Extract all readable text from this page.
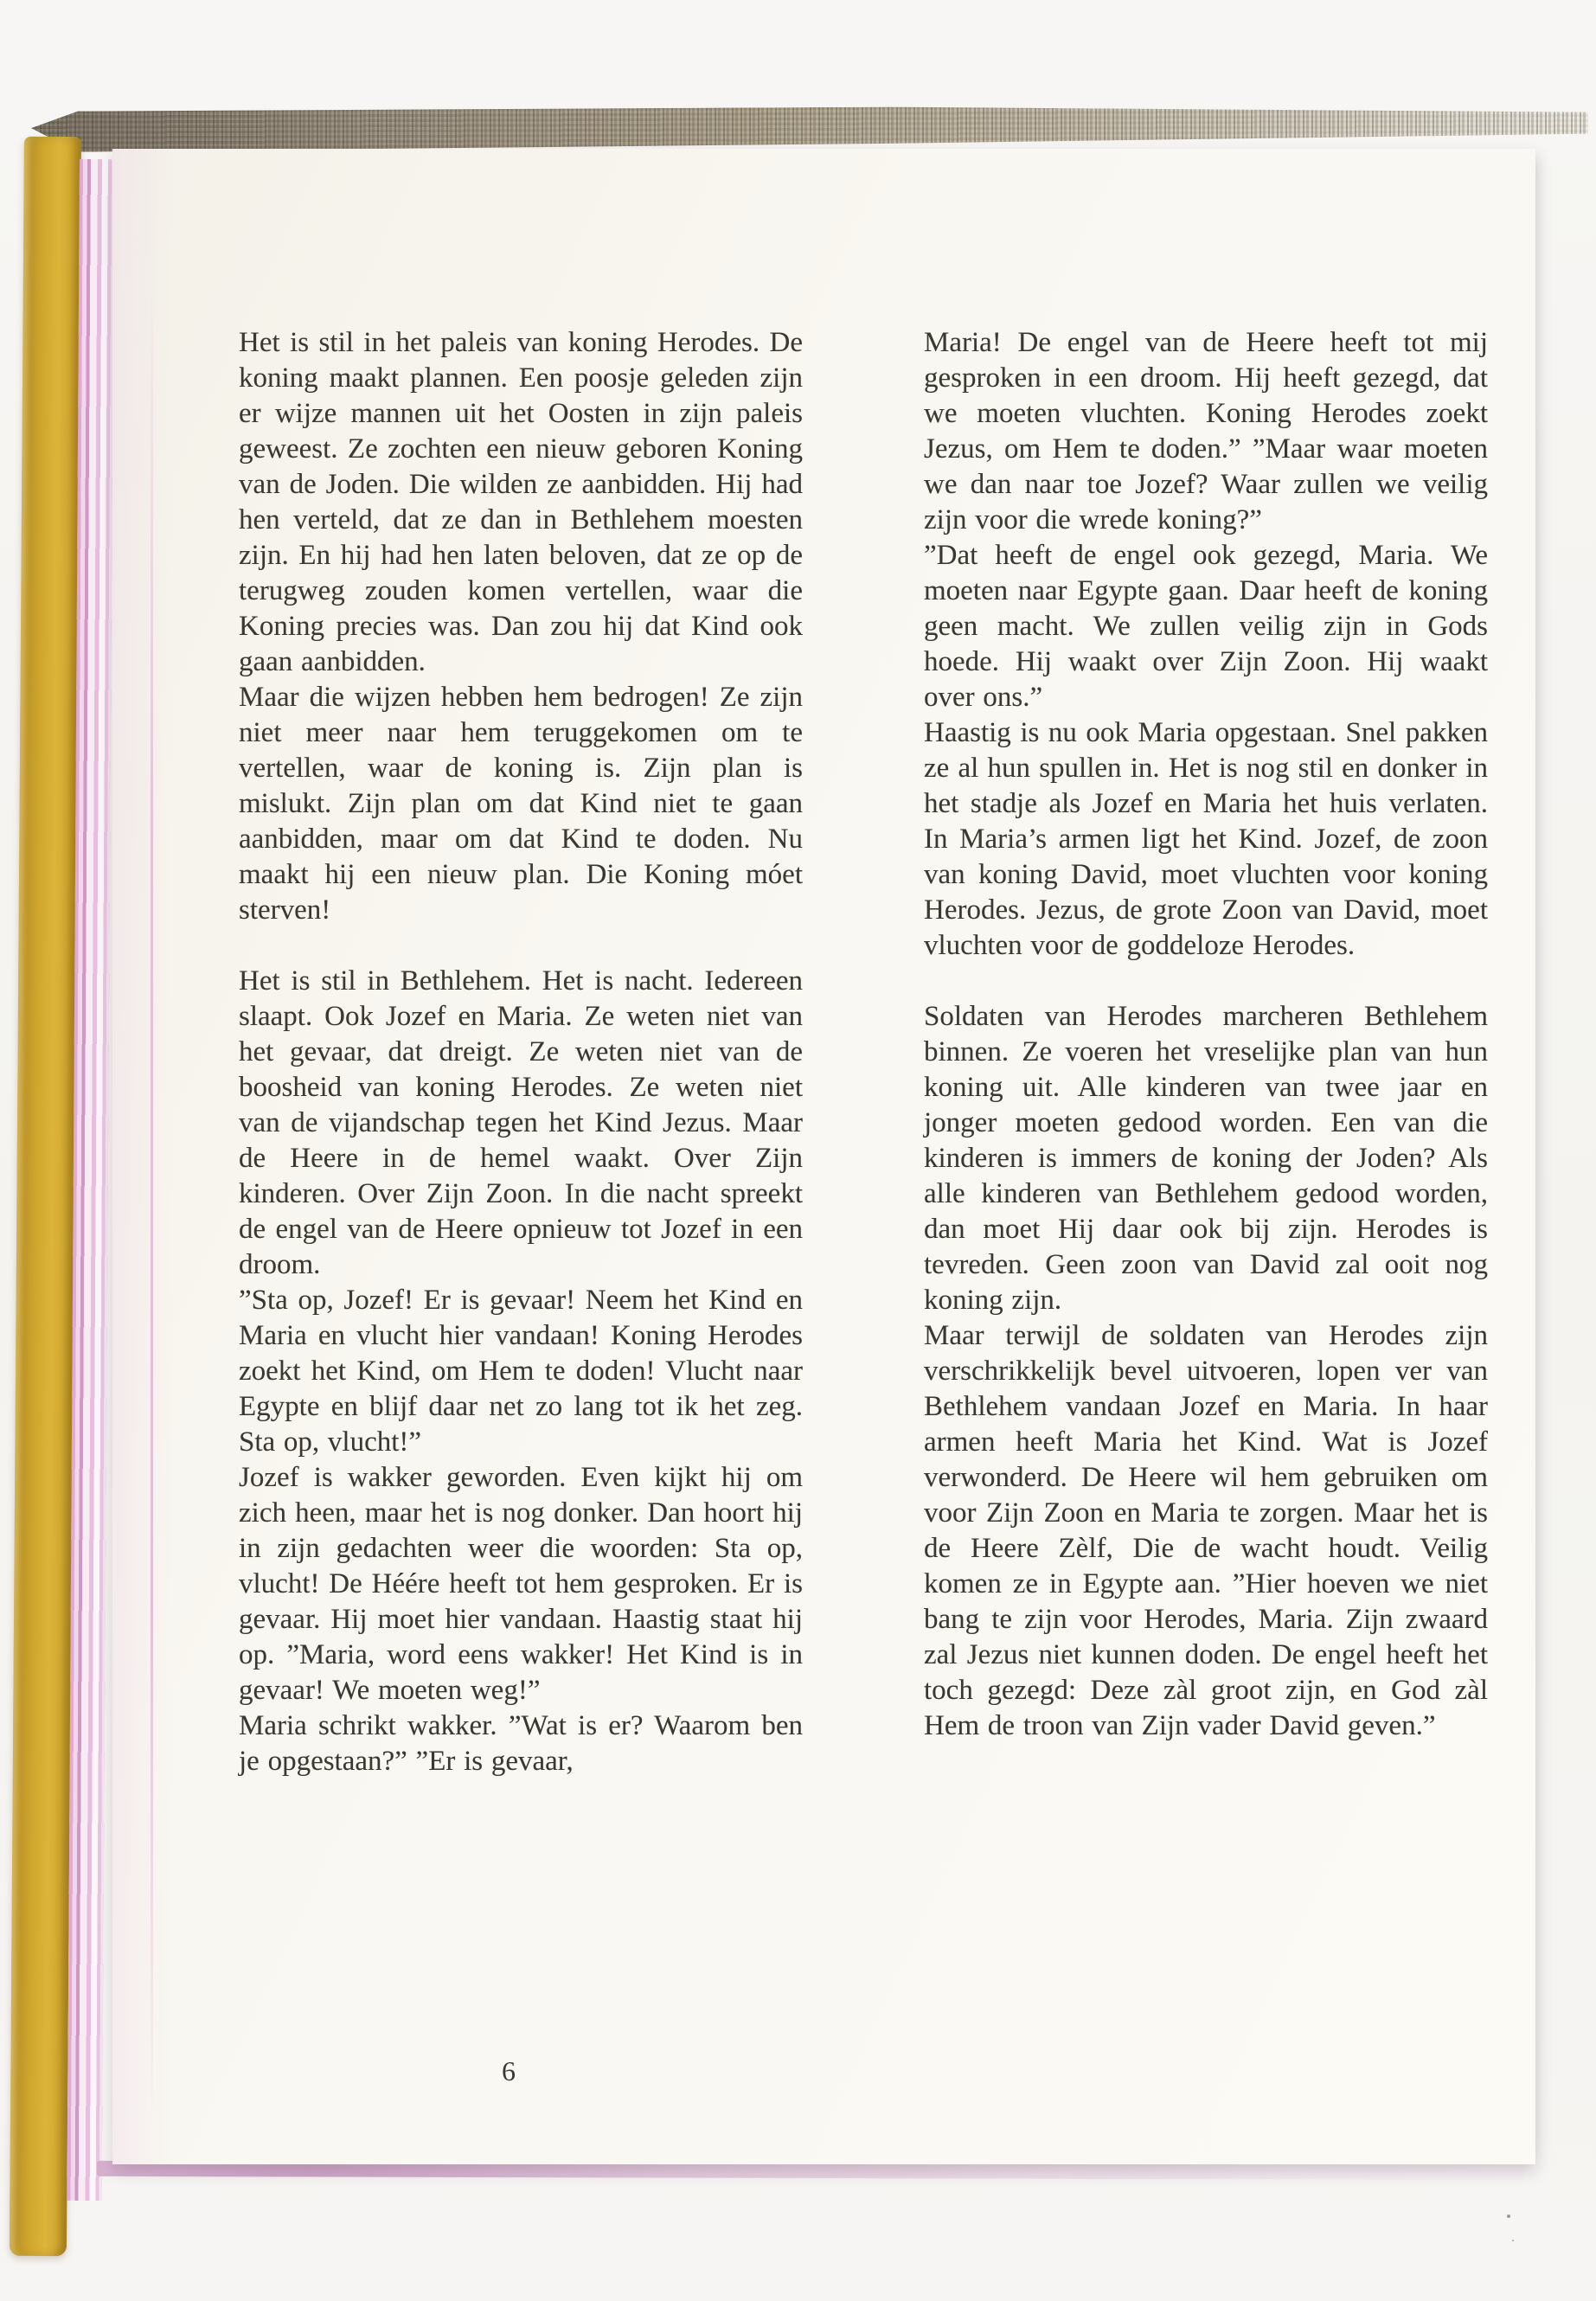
Het is stil in het paleis van koning Herodes. De koning maakt plannen. Een poosje geleden zijn er wijze mannen uit het Oosten in zijn paleis geweest. Ze zochten een nieuw geboren Koning van de Joden. Die wilden ze aanbidden. Hij had hen verteld, dat ze dan in Bethlehem moesten zijn. En hij had hen laten beloven, dat ze op de terugweg zouden komen vertellen, waar die Koning precies was. Dan zou hij dat Kind ook gaan aanbidden.

Maar die wijzen hebben hem bedrogen! Ze zijn niet meer naar hem teruggekomen om te vertellen, waar de koning is. Zijn plan is mislukt. Zijn plan om dat Kind niet te gaan aanbidden, maar om dat Kind te doden. Nu maakt hij een nieuw plan. Die Koning móet sterven!

Het is stil in Bethlehem. Het is nacht. Iedereen slaapt. Ook Jozef en Maria. Ze weten niet van het gevaar, dat dreigt. Ze weten niet van de boosheid van koning Herodes. Ze weten niet van de vijandschap tegen het Kind Jezus. Maar de Heere in de hemel waakt. Over Zijn kinderen. Over Zijn Zoon. In die nacht spreekt de engel van de Heere opnieuw tot Jozef in een droom.

”Sta op, Jozef! Er is gevaar! Neem het Kind en Maria en vlucht hier vandaan! Koning Herodes zoekt het Kind, om Hem te doden! Vlucht naar Egypte en blijf daar net zo lang tot ik het zeg. Sta op, vlucht!”

Jozef is wakker geworden. Even kijkt hij om zich heen, maar het is nog donker. Dan hoort hij in zijn gedachten weer die woorden: Sta op, vlucht! De Héére heeft tot hem gesproken. Er is gevaar. Hij moet hier vandaan. Haastig staat hij op. ”Maria, word eens wakker! Het Kind is in gevaar! We moeten weg!”

Maria schrikt wakker. ”Wat is er? Waarom ben je opgestaan?” ”Er is gevaar,

Maria! De engel van de Heere heeft tot mij gesproken in een droom. Hij heeft gezegd, dat we moeten vluchten. Koning Herodes zoekt Jezus, om Hem te doden.” ”Maar waar moeten we dan naar toe Jozef? Waar zullen we veilig zijn voor die wrede koning?”

”Dat heeft de engel ook gezegd, Maria. We moeten naar Egypte gaan. Daar heeft de koning geen macht. We zullen veilig zijn in Gods hoede. Hij waakt over Zijn Zoon. Hij waakt over ons.”

Haastig is nu ook Maria opgestaan. Snel pakken ze al hun spullen in. Het is nog stil en donker in het stadje als Jozef en Maria het huis verlaten. In Maria’s armen ligt het Kind. Jozef, de zoon van koning David, moet vluchten voor koning Herodes. Jezus, de grote Zoon van David, moet vluchten voor de goddeloze Herodes.

Soldaten van Herodes marcheren Bethlehem binnen. Ze voeren het vreselijke plan van hun koning uit. Alle kinderen van twee jaar en jonger moeten gedood worden. Een van die kinderen is immers de koning der Joden? Als alle kinderen van Bethlehem gedood worden, dan moet Hij daar ook bij zijn. Herodes is tevreden. Geen zoon van David zal ooit nog koning zijn.

Maar terwijl de soldaten van Herodes zijn verschrikkelijk bevel uitvoeren, lopen ver van Bethlehem vandaan Jozef en Maria. In haar armen heeft Maria het Kind. Wat is Jozef verwonderd. De Heere wil hem gebruiken om voor Zijn Zoon en Maria te zorgen. Maar het is de Heere Zèlf, Die de wacht houdt. Veilig komen ze in Egypte aan. ”Hier hoeven we niet bang te zijn voor Herodes, Maria. Zijn zwaard zal Jezus niet kunnen doden. De engel heeft het toch gezegd: Deze zàl groot zijn, en God zàl Hem de troon van Zijn vader David geven.”

6
